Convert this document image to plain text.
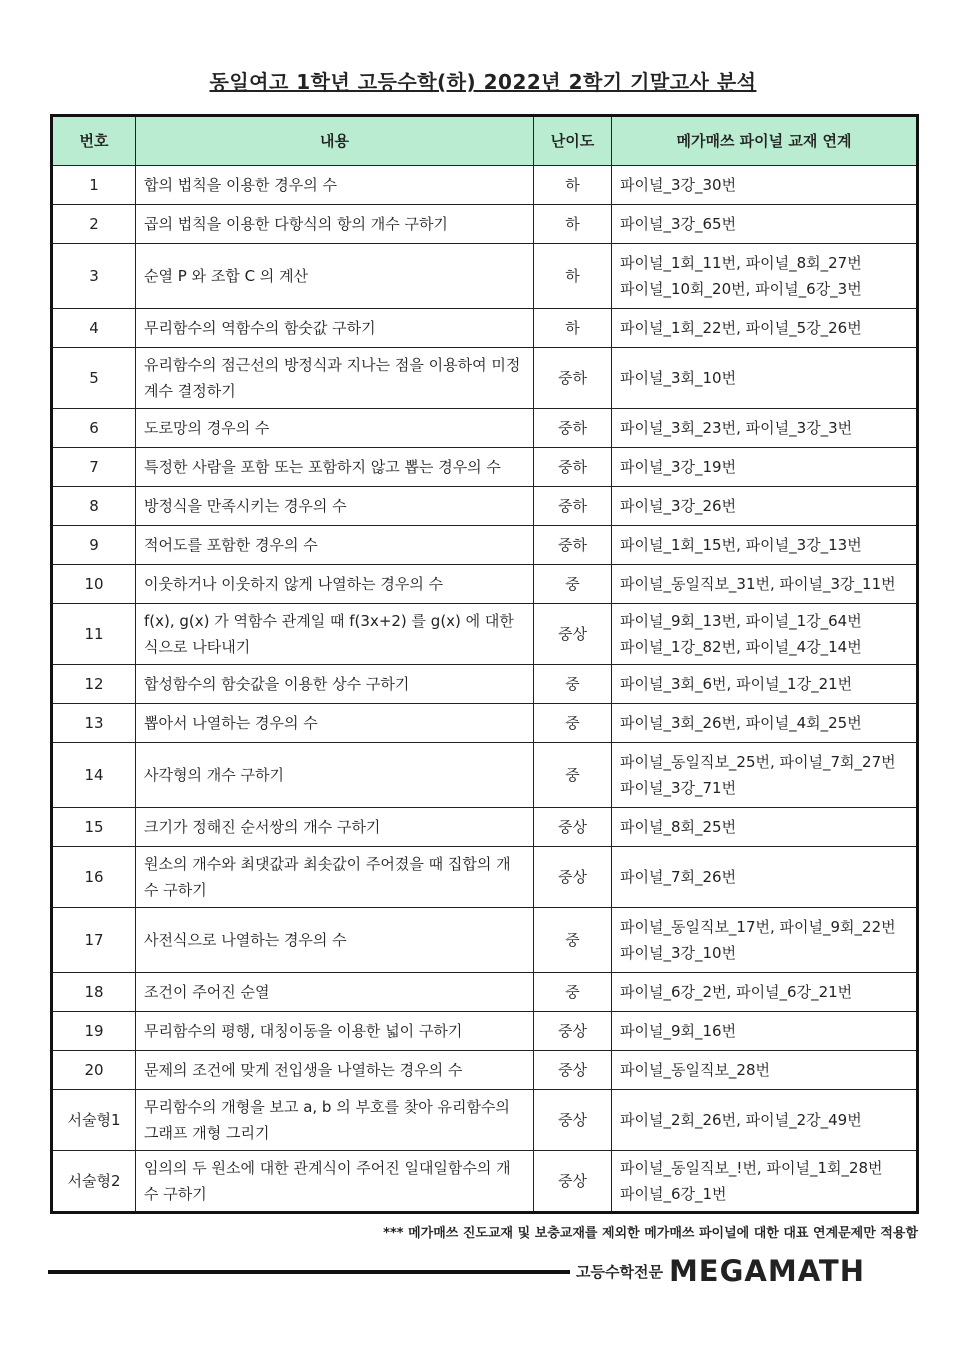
동일여고 1학년 고등수학(하) 2022년 2학기 기말고사 분석
번호	내용	난이도	메가매쓰 파이널 교재 연계
1	합의 법칙을 이용한 경우의 수	하	파이널_3강_30번

2	곱의 법칙을 이용한 다항식의 항의 개수 구하기	하	파이널_3강_65번

3	순열 P 와 조합 C 의 계산	하	파이널_1회_11번, 파이널_8회_27번
파이널_10회_20번, 파이널_6강_3번

4	무리함수의 역함수의 함숫값 구하기	하	파이널_1회_22번, 파이널_5강_26번

5	유리함수의 점근선의 방정식과 지나는 점을 이용하여 미정계수 결정하기	중하	파이널_3회_10번

6	도로망의 경우의 수	중하	파이널_3회_23번, 파이널_3강_3번

7	특정한 사람을 포함 또는 포함하지 않고 뽑는 경우의 수	중하	파이널_3강_19번

8	방정식을 만족시키는 경우의 수	중하	파이널_3강_26번

9	적어도를 포함한 경우의 수	중하	파이널_1회_15번, 파이널_3강_13번

10	이웃하거나 이웃하지 않게 나열하는 경우의 수	중	파이널_동일직보_31번, 파이널_3강_11번

11	f(x), g(x) 가 역함수 관계일 때 f(3x+2) 를 g(x) 에 대한 식으로 나타내기	중상	파이널_9회_13번, 파이널_1강_64번
파이널_1강_82번, 파이널_4강_14번

12	합성함수의 함숫값을 이용한 상수 구하기	중	파이널_3회_6번, 파이널_1강_21번

13	뽑아서 나열하는 경우의 수	중	파이널_3회_26번, 파이널_4회_25번

14	사각형의 개수 구하기	중	파이널_동일직보_25번, 파이널_7회_27번
파이널_3강_71번

15	크기가 정해진 순서쌍의 개수 구하기	중상	파이널_8회_25번

16	원소의 개수와 최댓값과 최솟값이 주어졌을 때 집합의 개수 구하기	중상	파이널_7회_26번

17	사전식으로 나열하는 경우의 수	중	파이널_동일직보_17번, 파이널_9회_22번
파이널_3강_10번

18	조건이 주어진 순열	중	파이널_6강_2번, 파이널_6강_21번

19	무리함수의 평행, 대칭이동을 이용한 넓이 구하기	중상	파이널_9회_16번

20	문제의 조건에 맞게 전입생을 나열하는 경우의 수	중상	파이널_동일직보_28번

서술형1	무리함수의 개형을 보고 a, b 의 부호를 찾아 유리함수의 그래프 개형 그리기	중상	파이널_2회_26번, 파이널_2강_49번

서술형2	임의의 두 원소에 대한 관계식이 주어진 일대일함수의 개수 구하기	중상	파이널_동일직보_!번, 파이널_1회_28번
파이널_6강_1번
*** 메가매쓰 진도교재 및 보충교재를 제외한 메가매쓰 파이널에 대한 대표 연계문제만 적용함
고등수학전문 MEGAMATH
